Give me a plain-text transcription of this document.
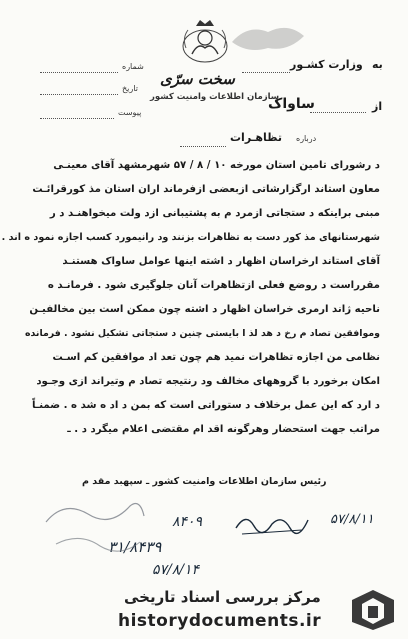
سخت سرّی
سازمان اطلاعات وامنیت کشور
به
وزارت کشـور
از
ساواک
شماره
تاریخ
پیوست
درباره
تظاهـرات
د رشورای تامین استان مورخه ۱۰ / ۸ / ۵۷ شهرمشهد آقای معینـی
معاون استاند ارگزارشاتی ازبعضی ازفرماند اران استان مذ کورقرائـت
مبنی براینکه د ستجاتی ازمرد م به پشتیبانی ازد ولت میخواهنـد د ر
شهرستانهای مذ کور دست به تظاهرات بزنند ود رانیمورد کسب اجازه نمود ه اند .
آقای استاند ارخراسان اظهار د اشته اینها عوامل ساواک هستنـد
مقرراست د روضع فعلی ازتظاهرات آنان جلوگیری شود . فرمانـد ه
ناحیه ژاند ارمری خراسان اظهار د اشته چون ممکن است بین مخالفیـن
وموافقین تصاد م رخ د هد لذ ا بایستی چنین د ستجاتی تشکیل نشود . فرمانده
نظامی من اجازه تظاهرات نمید هم چون تعد اد موافقین کم اسـت
امکان برخورد با گروههای مخالف ود رنتیجه تصاد م وتیراند ازی وجـود
د ارد که این عمل برخلاف د ستوراتی است که بمن د اد ه شد ه . ضمنـاً
مراتب جهت استحضار وهرگونه اقد ام مقتضی اعلام میگرد د . ـ
رئیس سازمان اطلاعات وامنیت کشور ـ سپهبد مقد م
۵۷/۸/۱۱
۸۴۰۹
۳۱/۸۴۳۹
۵۷/۸/۱۴
مرکز بررسی اسناد تاریخی
historydocuments.ir
